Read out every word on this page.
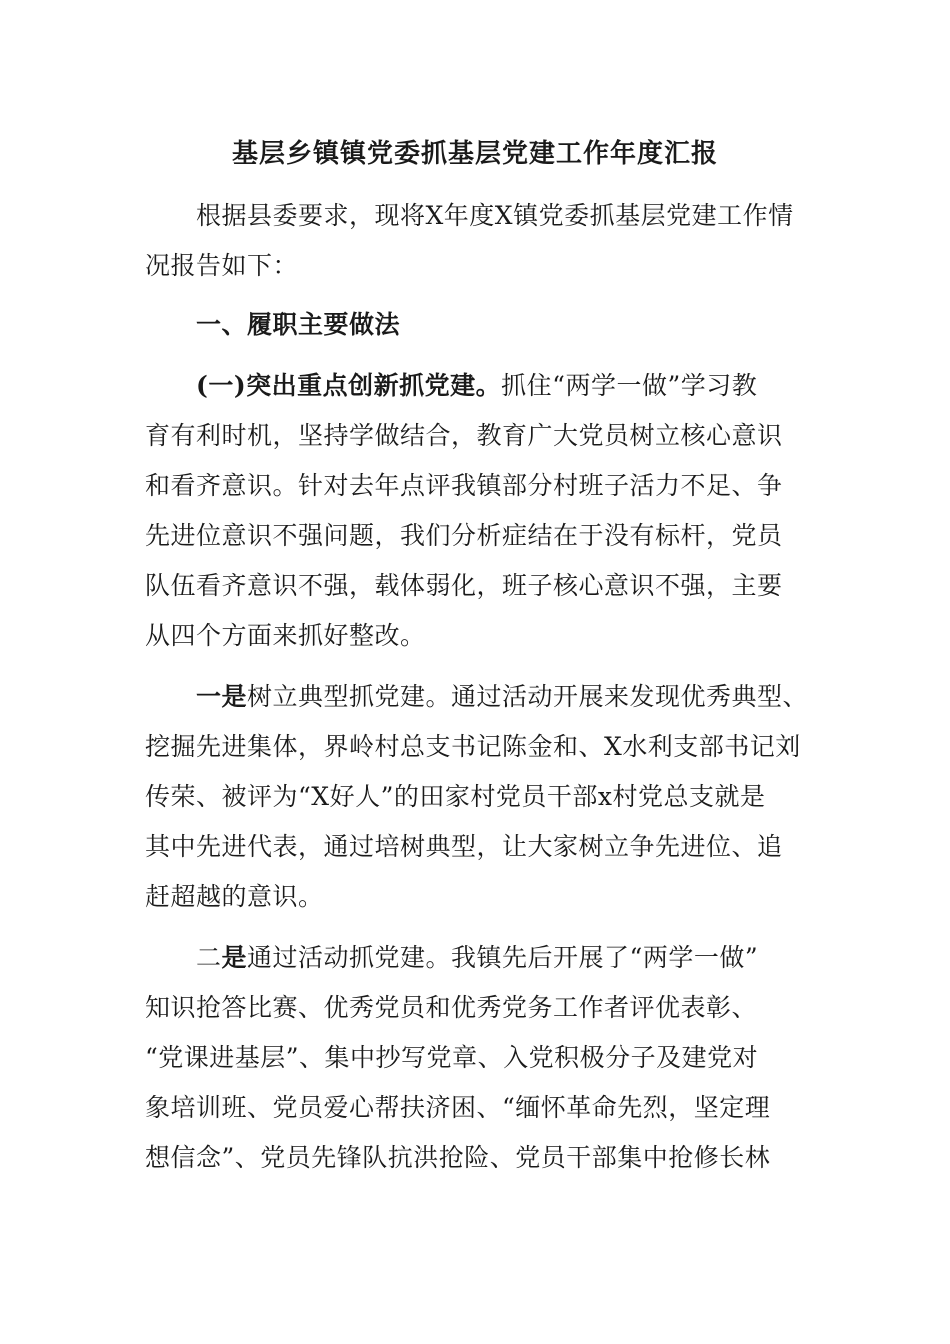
基层乡镇镇党委抓基层党建工作年度汇报
根据县委要求，现将X年度X镇党委抓基层党建工作情
况报告如下：
一、履职主要做法
(一)突出重点创新抓党建。抓住“两学一做”学习教
育有利时机，坚持学做结合，教育广大党员树立核心意识
和看齐意识。针对去年点评我镇部分村班子活力不足、争
先进位意识不强问题，我们分析症结在于没有标杆，党员
队伍看齐意识不强，载体弱化，班子核心意识不强，主要
从四个方面来抓好整改。
一是树立典型抓党建。通过活动开展来发现优秀典型、
挖掘先进集体，界岭村总支书记陈金和、X水利支部书记刘
传荣、被评为“X好人”的田家村党员干部x村党总支就是
其中先进代表，通过培树典型，让大家树立争先进位、追
赶超越的意识。
二是通过活动抓党建。我镇先后开展了“两学一做”
知识抢答比赛、优秀党员和优秀党务工作者评优表彰、
“党课进基层”、集中抄写党章、入党积极分子及建党对
象培训班、党员爱心帮扶济困、“缅怀革命先烈，坚定理
想信念”、党员先锋队抗洪抢险、党员干部集中抢修长林
